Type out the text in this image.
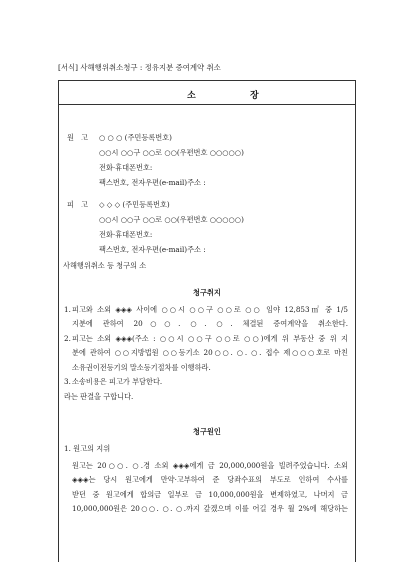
[서식] 사해행위취소청구 : 정유지분 증여계약 취소
소	장
원 고 ○ ○ ○ (주민등록번호)
○○시 ○○구 ○○로 ○○(우편번호 ○○○○○)
전화·휴대폰번호:
팩스번호, 전자우편(e-mail)주소 :
피 고 ◇ ◇ ◇ (주민등록번호)
○○시 ○○구 ○○로 ○○(우편번호 ○○○○○)
전화·휴대폰번호:
팩스번호, 전자우편(e-mail)주소 :
사해행위취소 등 청구의 소
청구취지
1. 피고와 소외 ◈◈◈ 사이에 ○○시 ○○구 ○○로 ○○ 임야 12,853㎡ 중 1/5
지분에 관하여 20○○. ○. ○. 체결된 증여계약을 취소한다.
2. 피고는 소외 ◈◈◈(주소 : ○○시 ○○구 ○○로 ○○)에게 위 부동산 중 위 지
분에 관하여 ○○지방법원 ○○등기소 20○○. ○. ○. 접수 제○○○호로 마친
소유권이전등기의 말소등기절차를 이행하라.
3. 소송비용은 피고가 부담한다.
라는 판결을 구합니다.
청구원인
1. 원고의 지위
원고는 20○○. ○.경 소외 ◈◈◈에게 금 20,000,000원을 빌려주었습니다. 소외
◈◈◈는 당시 원고에게 만약·고부하여 준 당좌수표의 부도로 인하여 수사를
받던 중 원고에게 합의금 일부로 금 10,000,000원을 변제하였고, 나머지 금
10,000,000원은 20○○. ○. ○.까지 갚겠으며 이를 어길 경우 월 2%에 해당하는
